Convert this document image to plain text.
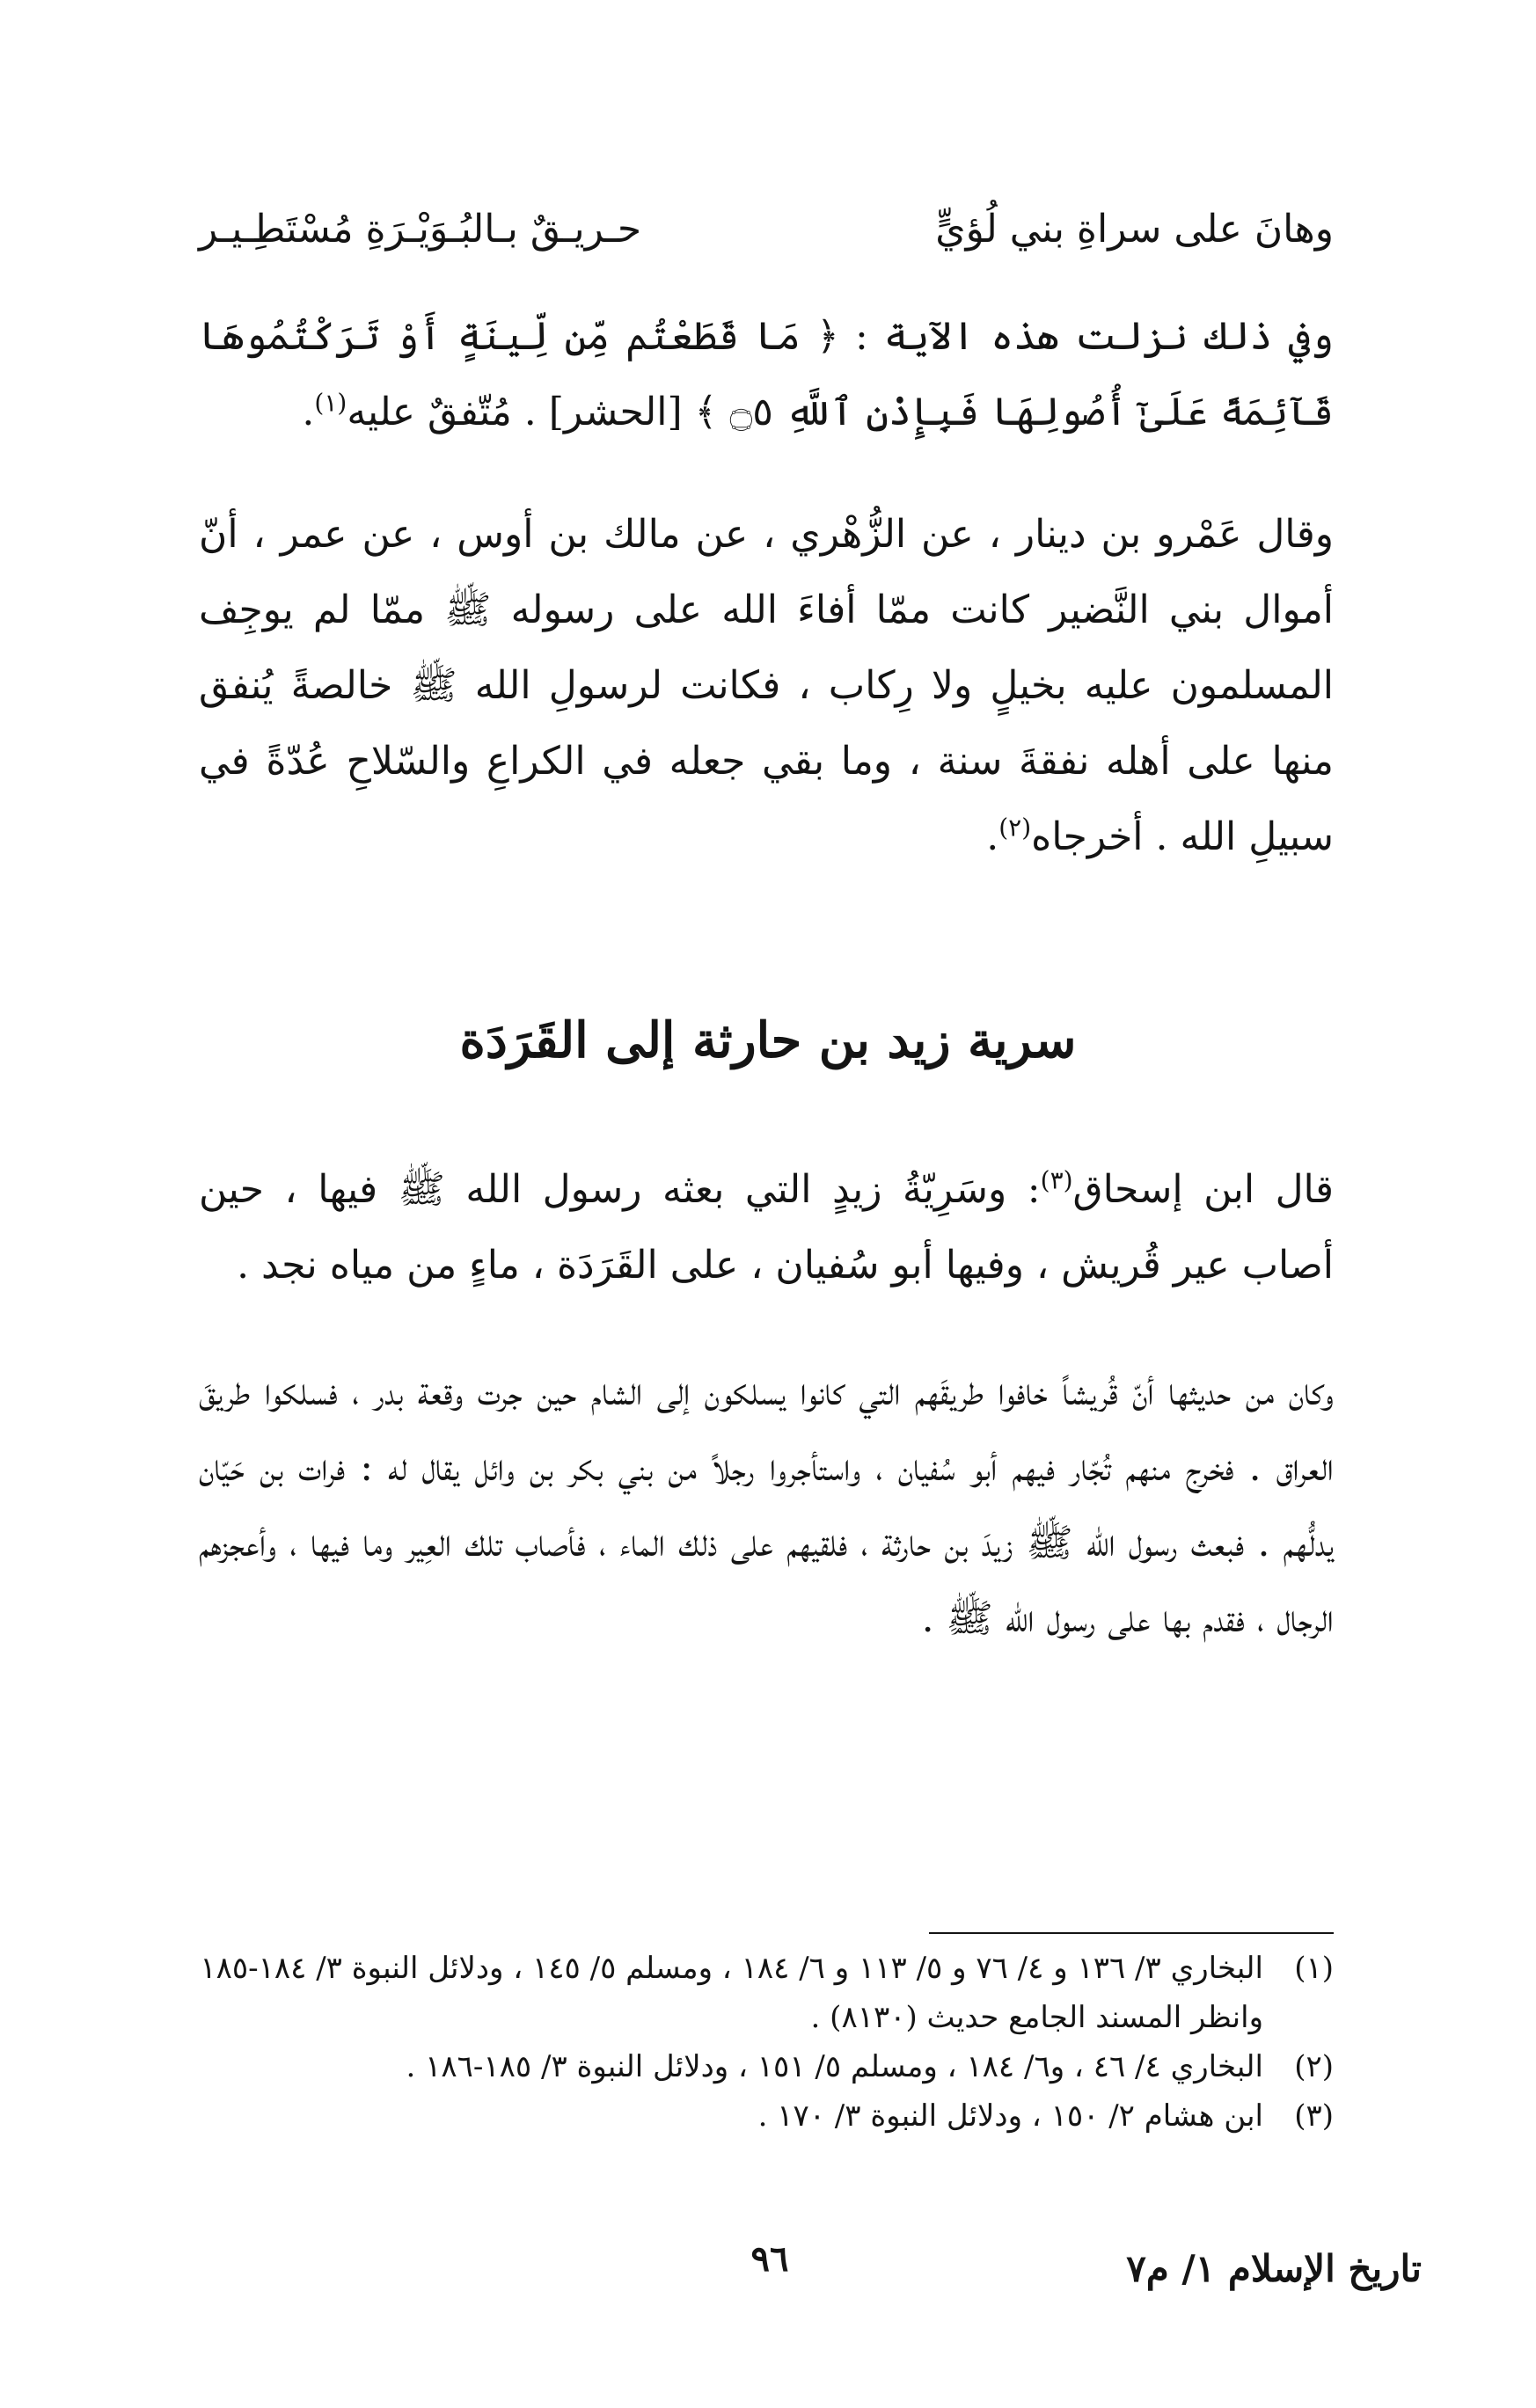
وهانَ على سراةِ بني لُؤيٍّ
حـريـقٌ بـالبُـوَيْـرَةِ مُسْتَطِـيـر

وفي ذلك نزلت هذه الآية : ﴿ مَا قَطَعْتُم مِّن لِّينَةٍ أَوْ تَرَكْتُمُوهَا قَآئِمَةً عَلَىٰٓ أُصُولِهَا فَبِإِذْنِ ٱللَّهِ ۝٥ ﴾ [الحشر] . مُتّفقٌ عليه$^{(١)}$.

وقال عَمْرو بن دينار ، عن الزُّهْري ، عن مالك بن أوس ، عن عمر ، أنّ أموال بني النَّضير كانت ممّا أفاءَ الله على رسوله ﷺ ممّا لم يوجِف المسلمون عليه بخيلٍ ولا رِكاب ، فكانت لرسولِ الله ﷺ خالصةً يُنفق منها على أهله نفقةَ سنة ، وما بقي جعله في الكراعِ والسّلاحِ عُدّةً في سبيلِ الله . أخرجاه$^{(٢)}$.

سرية زيد بن حارثة إلى القَرَدَة

قال ابن إسحاق$^{(٣)}$: وسَرِيّةُ زيدٍ التي بعثه رسول الله ﷺ فيها ، حين أصاب عير قُريش ، وفيها أبو سُفيان ، على القَرَدَة ، ماءٍ من مياه نجد .

وكان من حديثها أنّ قُريشاً خافوا طريقَهم التي كانوا يسلكون إلى الشام حين جرت وقعة بدر ، فسلكوا طريقَ العراق . فخرج منهم تُجّار فيهم أبو سُفيان ، واستأجروا رجلاً من بني بكر بن وائل يقال له : فرات بن حَيّان يدلُّهم . فبعث رسول الله ﷺ زيدَ بن حارثة ، فلقيهم على ذلك الماء ، فأصاب تلك العِير وما فيها ، وأعجزهم الرجال ، فقدم بها على رسول الله ﷺ .

(١)
البخاري ٣/ ١٣٦ و ٤/ ٧٦ و ٥/ ١١٣ و ٦/ ١٨٤ ، ومسلم ٥/ ١٤٥ ، ودلائل النبوة ٣/ ١٨٤-١٨٥ وانظر المسند الجامع حديث (٨١٣٠) .
(٢)
البخاري ٤/ ٤٦ ، و٦/ ١٨٤ ، ومسلم ٥/ ١٥١ ، ودلائل النبوة ٣/ ١٨٥-١٨٦ .
(٣)
ابن هشام ٢/ ١٥٠ ، ودلائل النبوة ٣/ ١٧٠ .
٩٦	تاريخ الإسلام ١/ م٧
